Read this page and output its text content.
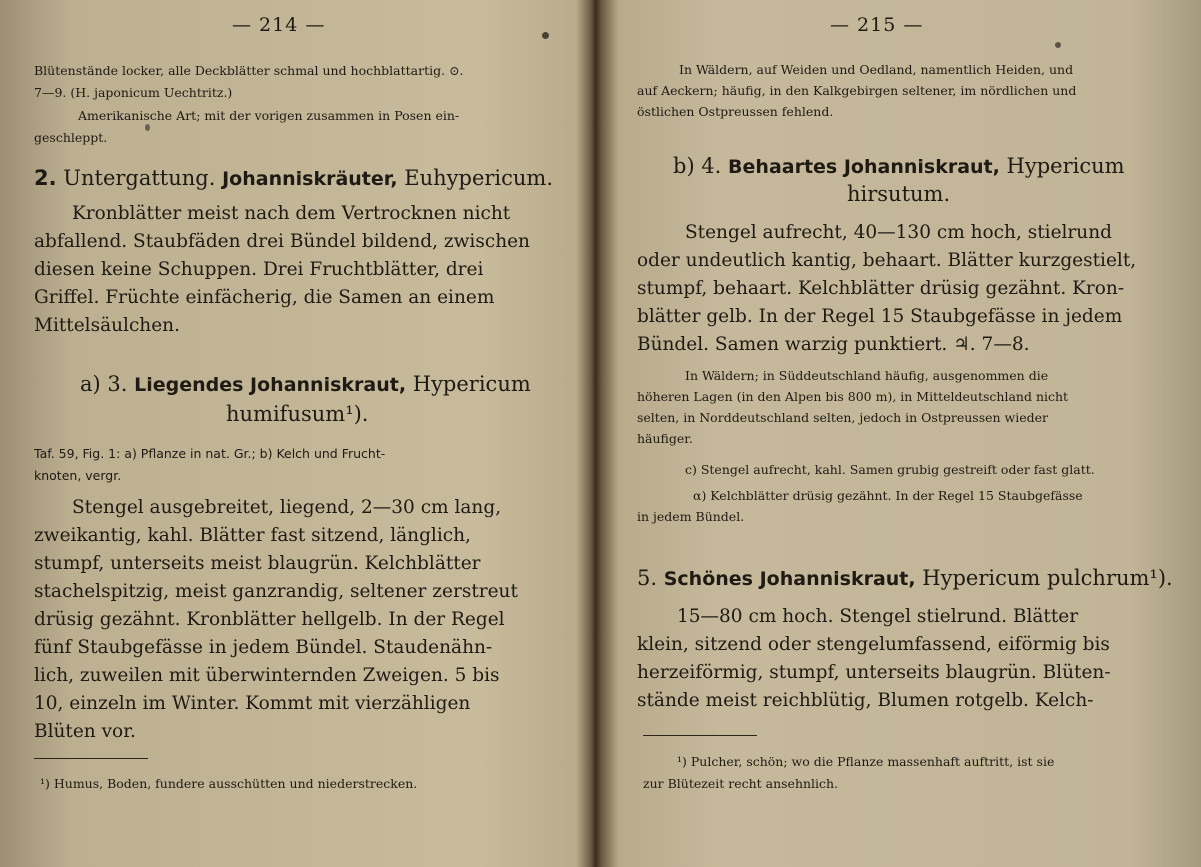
— 214 —
Blütenstände locker, alle Deckblätter schmal und hochblattartig. ⊙.
7—9. (H. japonicum Uechtritz.)
Amerikanische Art; mit der vorigen zusammen in Posen ein-
geschleppt.
2. Untergattung. Johanniskräuter, Euhypericum.
Kronblätter meist nach dem Vertrocknen nicht
abfallend. Staubfäden drei Bündel bildend, zwischen
diesen keine Schuppen. Drei Fruchtblätter, drei
Griffel. Früchte einfächerig, die Samen an einem
Mittelsäulchen.
a) 3. Liegendes Johanniskraut, Hypericum
humifusum¹).
Taf. 59, Fig. 1: a) Pflanze in nat. Gr.; b) Kelch und Frucht-
knoten, vergr.
Stengel ausgebreitet, liegend, 2—30 cm lang,
zweikantig, kahl. Blätter fast sitzend, länglich,
stumpf, unterseits meist blaugrün. Kelchblätter
stachelspitzig, meist ganzrandig, seltener zerstreut
drüsig gezähnt. Kronblätter hellgelb. In der Regel
fünf Staubgefässe in jedem Bündel. Staudenähn-
lich, zuweilen mit überwinternden Zweigen. 5 bis
10, einzeln im Winter. Kommt mit vierzähligen
Blüten vor.
¹) Humus, Boden, fundere ausschütten und niederstrecken.
— 215 —
In Wäldern, auf Weiden und Oedland, namentlich Heiden, und
auf Aeckern; häufig, in den Kalkgebirgen seltener, im nördlichen und
östlichen Ostpreussen fehlend.
b) 4. Behaartes Johanniskraut, Hypericum
hirsutum.
Stengel aufrecht, 40—130 cm hoch, stielrund
oder undeutlich kantig, behaart. Blätter kurzgestielt,
stumpf, behaart. Kelchblätter drüsig gezähnt. Kron-
blätter gelb. In der Regel 15 Staubgefässe in jedem
Bündel. Samen warzig punktiert. ♃. 7—8.
In Wäldern; in Süddeutschland häufig, ausgenommen die
höheren Lagen (in den Alpen bis 800 m), in Mitteldeutschland nicht
selten, in Norddeutschland selten, jedoch in Ostpreussen wieder
häufiger.
c) Stengel aufrecht, kahl. Samen grubig gestreift oder fast glatt.
α) Kelchblätter drüsig gezähnt. In der Regel 15 Staubgefässe
in jedem Bündel.
5. Schönes Johanniskraut, Hypericum pulchrum¹).
15—80 cm hoch. Stengel stielrund. Blätter
klein, sitzend oder stengelumfassend, eiförmig bis
herzeiförmig, stumpf, unterseits blaugrün. Blüten-
stände meist reichblütig, Blumen rotgelb. Kelch-
¹) Pulcher, schön; wo die Pflanze massenhaft auftritt, ist sie
zur Blütezeit recht ansehnlich.
